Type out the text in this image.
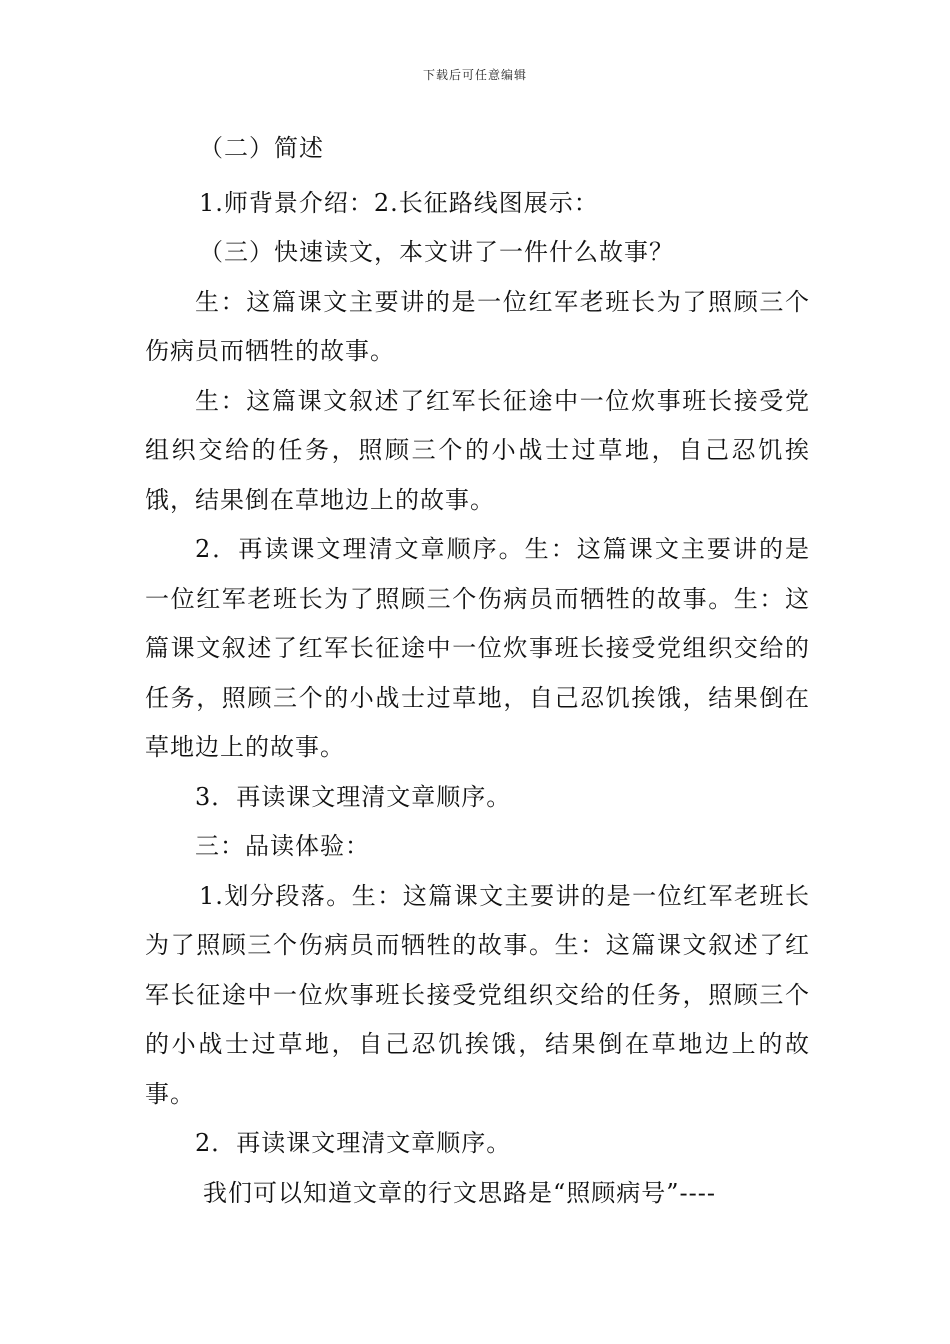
下载后可任意编辑

（二）简述

1.师背景介绍：2.长征路线图展示：

（三）快速读文，本文讲了一件什么故事？

生：这篇课文主要讲的是一位红军老班长为了照顾三个伤病员而牺牲的故事。

生：这篇课文叙述了红军长征途中一位炊事班长接受党组织交给的任务，照顾三个的小战士过草地，自己忍饥挨饿，结果倒在草地边上的故事。

2．再读课文理清文章顺序。生：这篇课文主要讲的是一位红军老班长为了照顾三个伤病员而牺牲的故事。生：这篇课文叙述了红军长征途中一位炊事班长接受党组织交给的任务，照顾三个的小战士过草地，自己忍饥挨饿，结果倒在草地边上的故事。

3．再读课文理清文章顺序。

三：品读体验：

1.划分段落。生：这篇课文主要讲的是一位红军老班长为了照顾三个伤病员而牺牲的故事。生：这篇课文叙述了红军长征途中一位炊事班长接受党组织交给的任务，照顾三个的小战士过草地，自己忍饥挨饿，结果倒在草地边上的故事。

2．再读课文理清文章顺序。

我们可以知道文章的行文思路是“照顾病号”----
